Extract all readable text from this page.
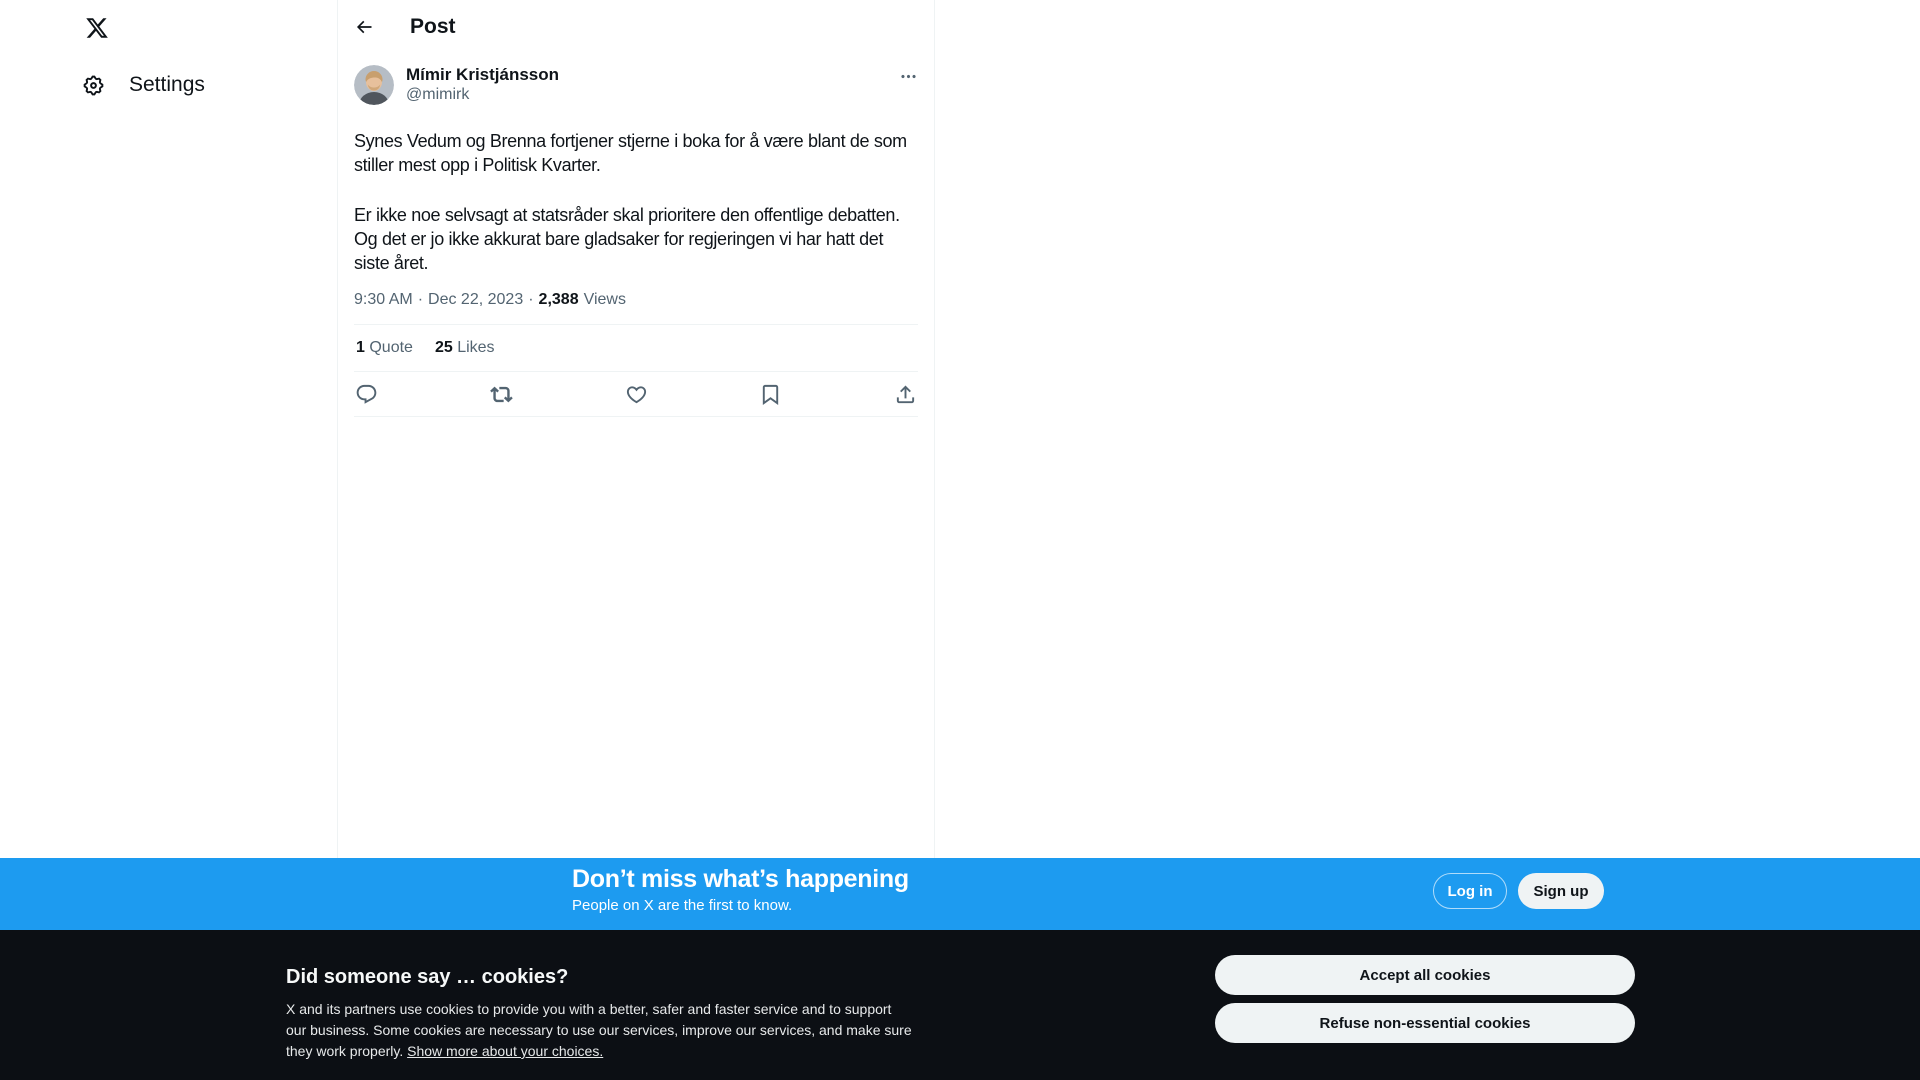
Settings
Post
Mímir Kristjánsson
@mimirk

Synes Vedum og Brenna fortjener stjerne i boka for å være blant de som stiller mest opp i Politisk Kvarter.

Er ikke noe selvsagt at statsråder skal prioritere den offentlige debatten. Og det er jo ikke akkurat bare gladsaker for regjeringen vi har hatt det siste året.

9:30 AM · Dec 22, 2023 · 2,388 Views
1 Quote 25 Likes
Don’t miss what’s happening
People on X are the first to know.
Log in	Sign up
Did someone say … cookies?

X and its partners use cookies to provide you with a better, safer and faster service and to support our business. Some cookies are necessary to use our services, improve our services, and make sure they work properly. Show more about your choices.

Accept all cookies
Refuse non-essential cookies
